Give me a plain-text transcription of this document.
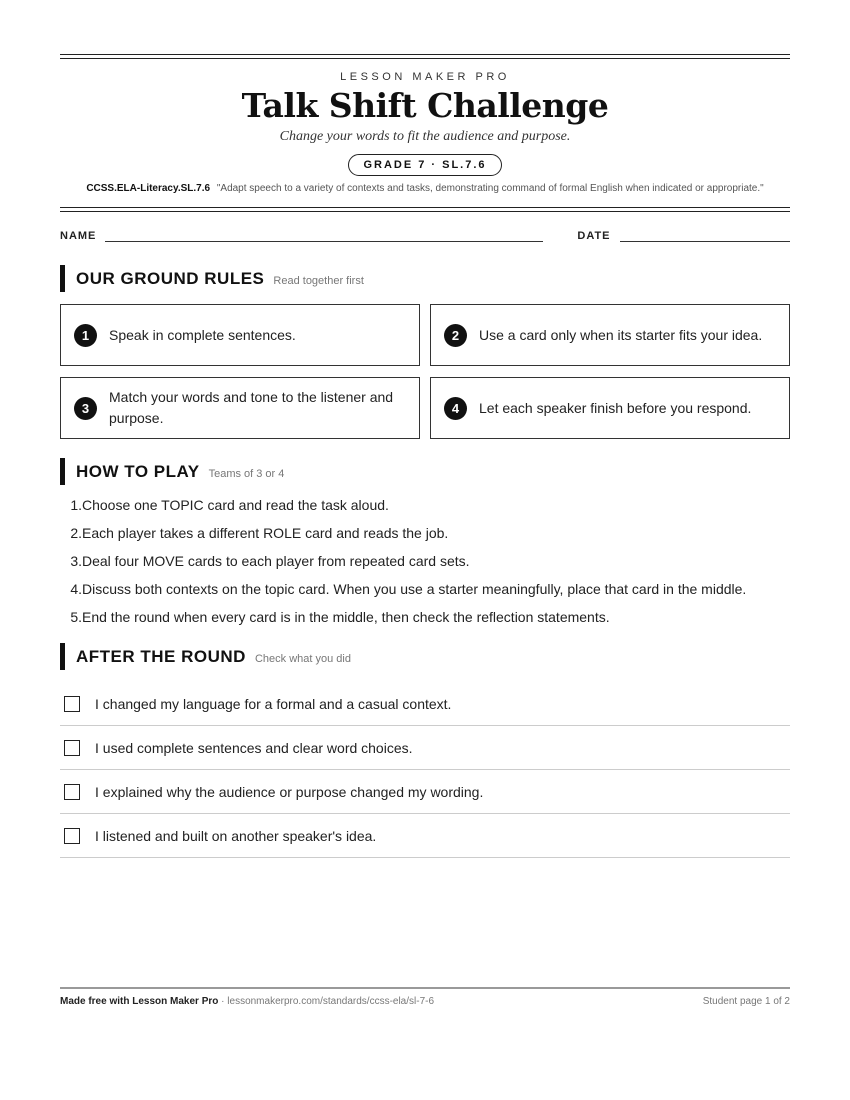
LESSON MAKER PRO
Talk Shift Challenge
Change your words to fit the audience and purpose.
GRADE 7 · SL.7.6
CCSS.ELA-Literacy.SL.7.6 "Adapt speech to a variety of contexts and tasks, demonstrating command of formal English when indicated or appropriate."
NAME	DATE
OUR GROUND RULES Read together first
1	Speak in complete sentences.	2	Use a card only when its starter fits your idea.
3
Match your words and tone to the listener and purpose.
4	Let each speaker finish before you respond.
HOW TO PLAY Teams of 3 or 4
1. Choose one TOPIC card and read the task aloud.
2. Each player takes a different ROLE card and reads the job.
3. Deal four MOVE cards to each player from repeated card sets.
4. Discuss both contexts on the topic card. When you use a starter meaningfully, place that card in the middle.
5. End the round when every card is in the middle, then check the reflection statements.
AFTER THE ROUND Check what you did
I changed my language for a formal and a casual context.
I used complete sentences and clear word choices.
I explained why the audience or purpose changed my wording.
I listened and built on another speaker's idea.
Made free with Lesson Maker Pro · lessonmakerpro.com/standards/ccss-ela/sl-7-6	Student page 1 of 2
